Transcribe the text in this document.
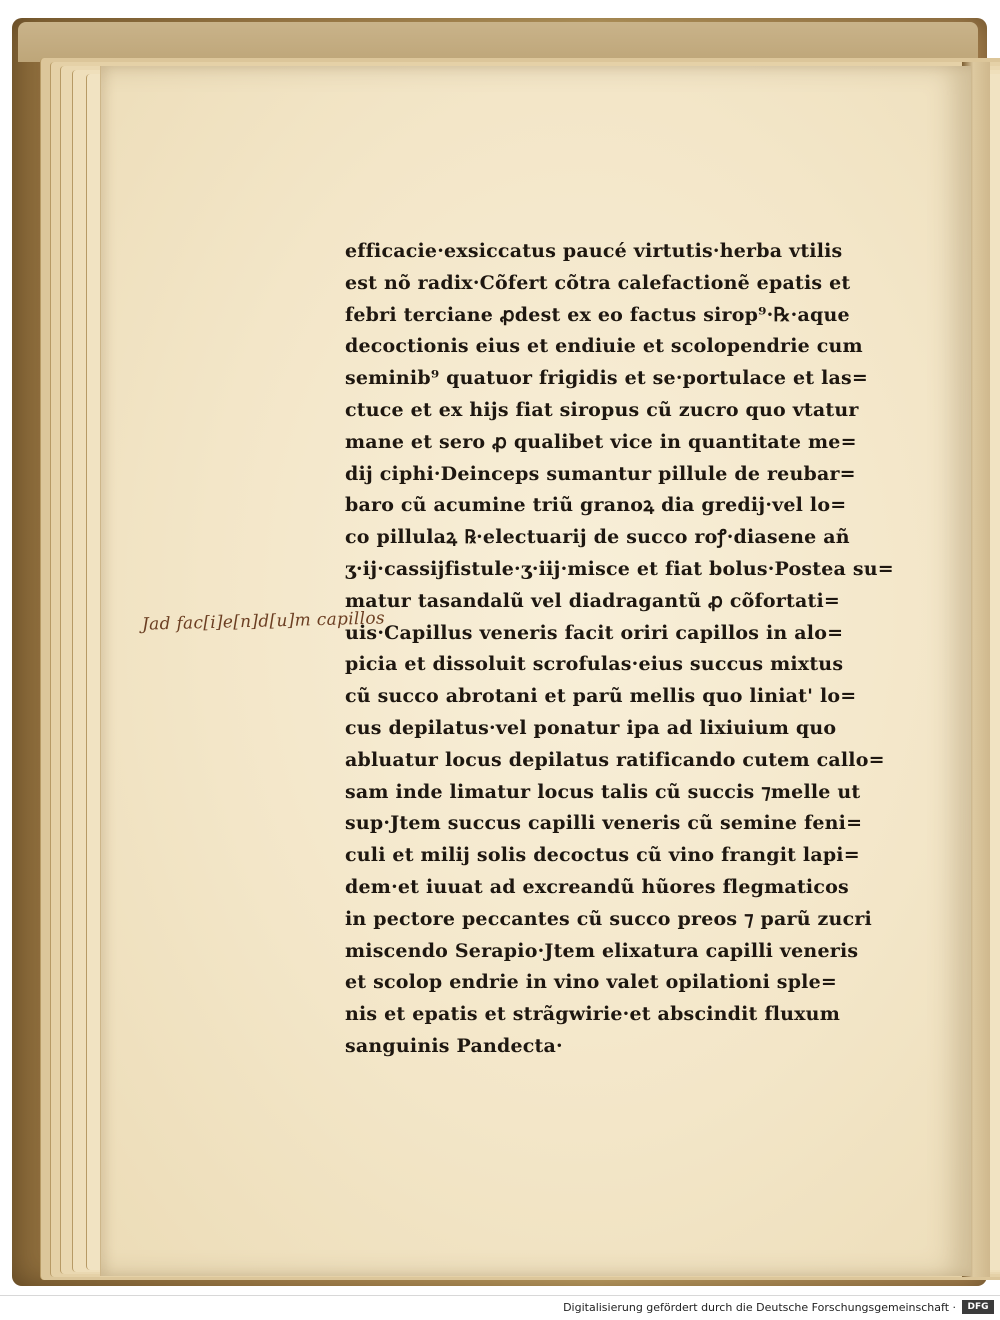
Jad fac[i]e[n]d[u]m capillos
efficacie·exsiccatus paucé virtutis·herba vtilis
est nõ radix·Cõfert cõtra calefactionẽ epatis et
febri terciane ꝓdest ex eo factus sirop⁹·℞·aque
decoctionis eius et endiuie et scolopendrie cum
seminib⁹ quatuor frigidis et se·portulace et las=
ctuce et ex hĳs fiat siropus cũ zucro quo vtatur
mane et sero ꝓ qualibet vice in quantitate me=
dĳ ciphi·Deinceps sumantur pillule de reubar=
baro cũ acumine triũ granoꝝ dia gredij·vel lo=
co pillulaꝝ ℞·electuarĳ de succo roꝭ·diasene añ
ʒ·ij·cassĳfistule·ʒ·iij·misce et fiat bolus·Postea su=
matur tasandalũ vel diadragantũ ꝓ cõfortati=
uis·Capillus veneris facit oriri capillos in alo=
picia et dissoluit scrofulas·eius succus mixtus
cũ succo abrotani et parũ mellis quo liniat' lo=
cus depilatus·vel ponatur ipa ad lixiuium quo
abluatur locus depilatus ratificando cutem callo=
sam inde limatur locus talis cũ succis ⁊melle ut
sup·Jtem succus capilli veneris cũ semine feni=
culi et milĳ solis decoctus cũ vino frangit lapi=
dem·et iuuat ad excreandũ hũores flegmaticos
in pectore peccantes cũ succo preos ⁊ parũ zucri
miscendo Serapio·Jtem elixatura capilli veneris
et scolop endrie in vino valet opilationi sple=
nis et epatis et strãgwirie·et abscindit fluxum
sanguinis Pandecta·
Digitalisierung gefördert durch die Deutsche Forschungsgemeinschaft ·	DFG
